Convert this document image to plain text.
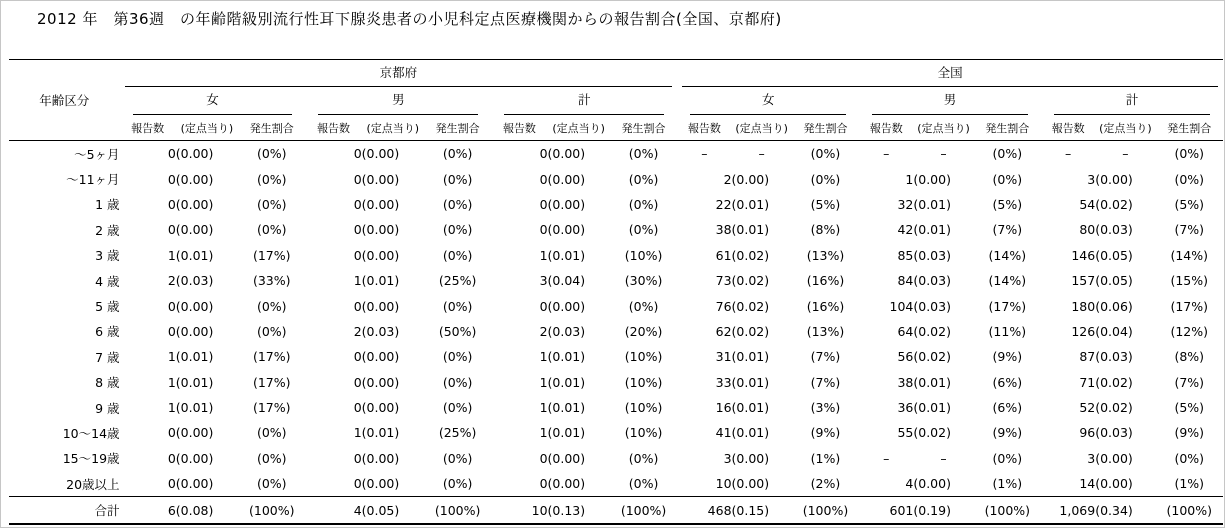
2012 年　第36週　の年齢階級別流行性耳下腺炎患者の小児科定点医療機関からの報告割合(全国、京都府)
年齢区分	京都府									全国								

	女			男			計			女			男			計		

	報告数	(定点当り)	発生割合	報告数	(定点当り)	発生割合	報告数	(定点当り)	発生割合	報告数	(定点当り)	発生割合	報告数	(定点当り)	発生割合	報告数	(定点当り)	発生割合
～5ヶ月	0	(0.00)	(0%)	0	(0.00)	(0%)	0	(0.00)	(0%)	–	–	(0%)	–	–	(0%)	–	–	(0%)
～11ヶ月	0	(0.00)	(0%)	0	(0.00)	(0%)	0	(0.00)	(0%)	2	(0.00)	(0%)	1	(0.00)	(0%)	3	(0.00)	(0%)
1 歳	0	(0.00)	(0%)	0	(0.00)	(0%)	0	(0.00)	(0%)	22	(0.01)	(5%)	32	(0.01)	(5%)	54	(0.02)	(5%)
2 歳	0	(0.00)	(0%)	0	(0.00)	(0%)	0	(0.00)	(0%)	38	(0.01)	(8%)	42	(0.01)	(7%)	80	(0.03)	(7%)
3 歳	1	(0.01)	(17%)	0	(0.00)	(0%)	1	(0.01)	(10%)	61	(0.02)	(13%)	85	(0.03)	(14%)	146	(0.05)	(14%)
4 歳	2	(0.03)	(33%)	1	(0.01)	(25%)	3	(0.04)	(30%)	73	(0.02)	(16%)	84	(0.03)	(14%)	157	(0.05)	(15%)
5 歳	0	(0.00)	(0%)	0	(0.00)	(0%)	0	(0.00)	(0%)	76	(0.02)	(16%)	104	(0.03)	(17%)	180	(0.06)	(17%)
6 歳	0	(0.00)	(0%)	2	(0.03)	(50%)	2	(0.03)	(20%)	62	(0.02)	(13%)	64	(0.02)	(11%)	126	(0.04)	(12%)
7 歳	1	(0.01)	(17%)	0	(0.00)	(0%)	1	(0.01)	(10%)	31	(0.01)	(7%)	56	(0.02)	(9%)	87	(0.03)	(8%)
8 歳	1	(0.01)	(17%)	0	(0.00)	(0%)	1	(0.01)	(10%)	33	(0.01)	(7%)	38	(0.01)	(6%)	71	(0.02)	(7%)
9 歳	1	(0.01)	(17%)	0	(0.00)	(0%)	1	(0.01)	(10%)	16	(0.01)	(3%)	36	(0.01)	(6%)	52	(0.02)	(5%)
10～14歳	0	(0.00)	(0%)	1	(0.01)	(25%)	1	(0.01)	(10%)	41	(0.01)	(9%)	55	(0.02)	(9%)	96	(0.03)	(9%)
15～19歳	0	(0.00)	(0%)	0	(0.00)	(0%)	0	(0.00)	(0%)	3	(0.00)	(1%)	–	–	(0%)	3	(0.00)	(0%)
20歳以上	0	(0.00)	(0%)	0	(0.00)	(0%)	0	(0.00)	(0%)	10	(0.00)	(2%)	4	(0.00)	(1%)	14	(0.00)	(1%)
合計	6	(0.08)	(100%)	4	(0.05)	(100%)	10	(0.13)	(100%)	468	(0.15)	(100%)	601	(0.19)	(100%)	1,069	(0.34)	(100%)
